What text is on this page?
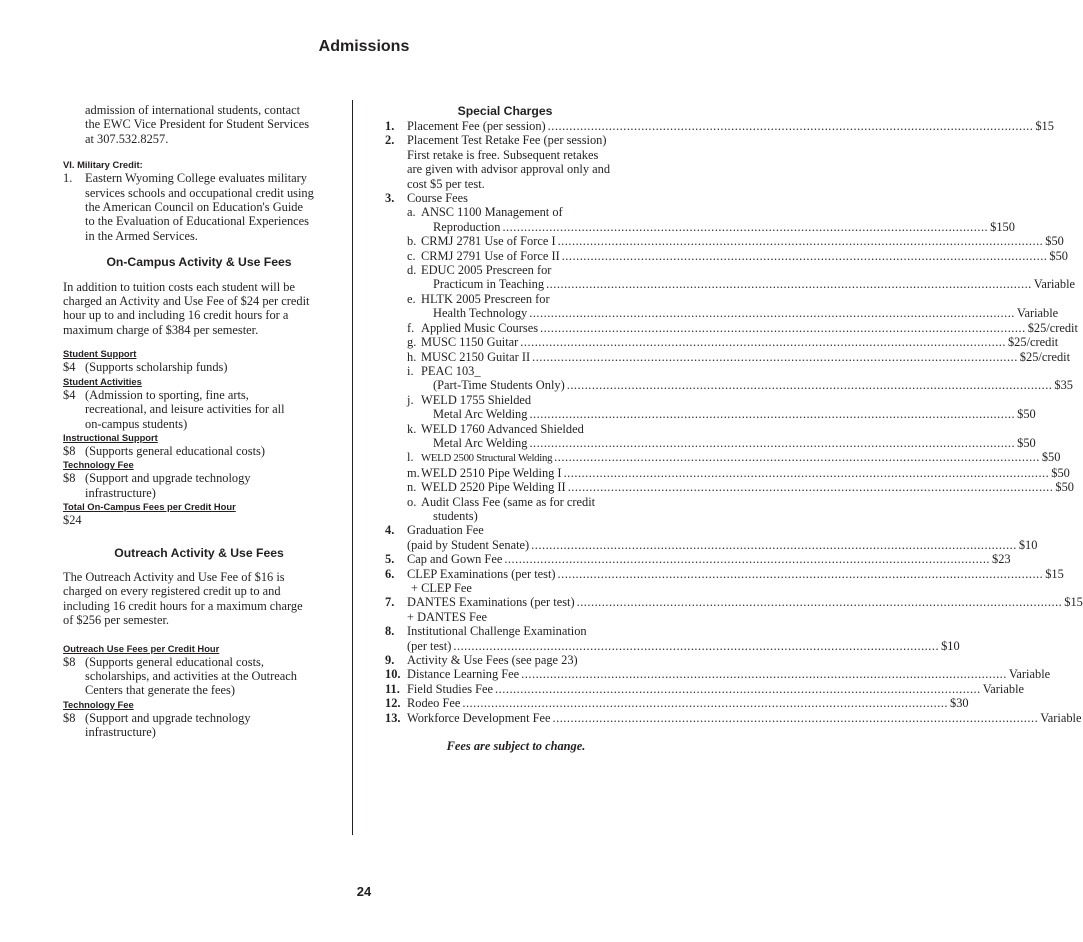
Admissions
admission of international students, contact
the EWC Vice President for Student Services
at 307.532.8257.
VI. Military Credit:
1.	Eastern Wyoming College evaluates military
services schools and occupational credit using
the American Council on Education's Guide
to the Evaluation of Educational Experiences
in the Armed Services.
On-Campus Activity & Use Fees
In addition to tuition costs each student will be
charged an Activity and Use Fee of $24 per credit
hour up to and including 16 credit hours for a
maximum charge of $384 per semester.
Student Support
$4 (Supports scholarship funds)
Student Activities
$4 (Admission to sporting, fine arts,
recreational, and leisure activities for all
on-campus students)
Instructional Support
$8 (Supports general educational costs)
Technology Fee
$8 (Support and upgrade technology
infrastructure)
Total On-Campus Fees per Credit Hour
$24
Outreach Activity & Use Fees
The Outreach Activity and Use Fee of $16 is
charged on every registered credit up to and
including 16 credit hours for a maximum charge
of $256 per semester.
Outreach Use Fees per Credit Hour
$8 (Supports general educational costs,
scholarships, and activities at the Outreach
Centers that generate the fees)
Technology Fee
$8 (Support and upgrade technology
infrastructure)
Special Charges
1.	Placement Fee (per session) .....	$15
2.	Placement Test Retake Fee (per session)
First retake is free. Subsequent retakes
are given with advisor approval only and
cost $5 per test.
3.	Course Fees
a. ANSC 1100 Management of
Reproduction .....	$150
b. CRMJ 2781 Use of Force I .....	$50
c. CRMJ 2791 Use of Force II .....	$50
d. EDUC 2005 Prescreen for
Practicum in Teaching .....	Variable
e. HLTK 2005 Prescreen for
Health Technology .....	Variable
f. Applied Music Courses .....	$25/credit
g. MUSC 1150 Guitar .....	$25/credit
h. MUSC 2150 Guitar II .....	$25/credit
i. PEAC 103_
(Part-Time Students Only) .....	$35
j. WELD 1755 Shielded
Metal Arc Welding .....	$50
k. WELD 1760 Advanced Shielded
Metal Arc Welding .....	$50
l. WELD 2500 Structural Welding .....	$50
m. WELD 2510 Pipe Welding I .....	$50
n. WELD 2520 Pipe Welding II .....	$50
o. Audit Class Fee (same as for credit
students)
4.	Graduation Fee
(paid by Student Senate) .....	$10
5.	Cap and Gown Fee .....	$23
6.	CLEP Examinations (per test) .....	$15
+ CLEP Fee
7.	DANTES Examinations (per test) .....	$15
+ DANTES Fee
8.	Institutional Challenge Examination
(per test) .....	$10
9.	Activity & Use Fees (see page 23)
10. Distance Learning Fee .....	Variable
11. Field Studies Fee .....	Variable
12. Rodeo Fee .....	$30
13. Workforce Development Fee .....	Variable
Fees are subject to change.
24
